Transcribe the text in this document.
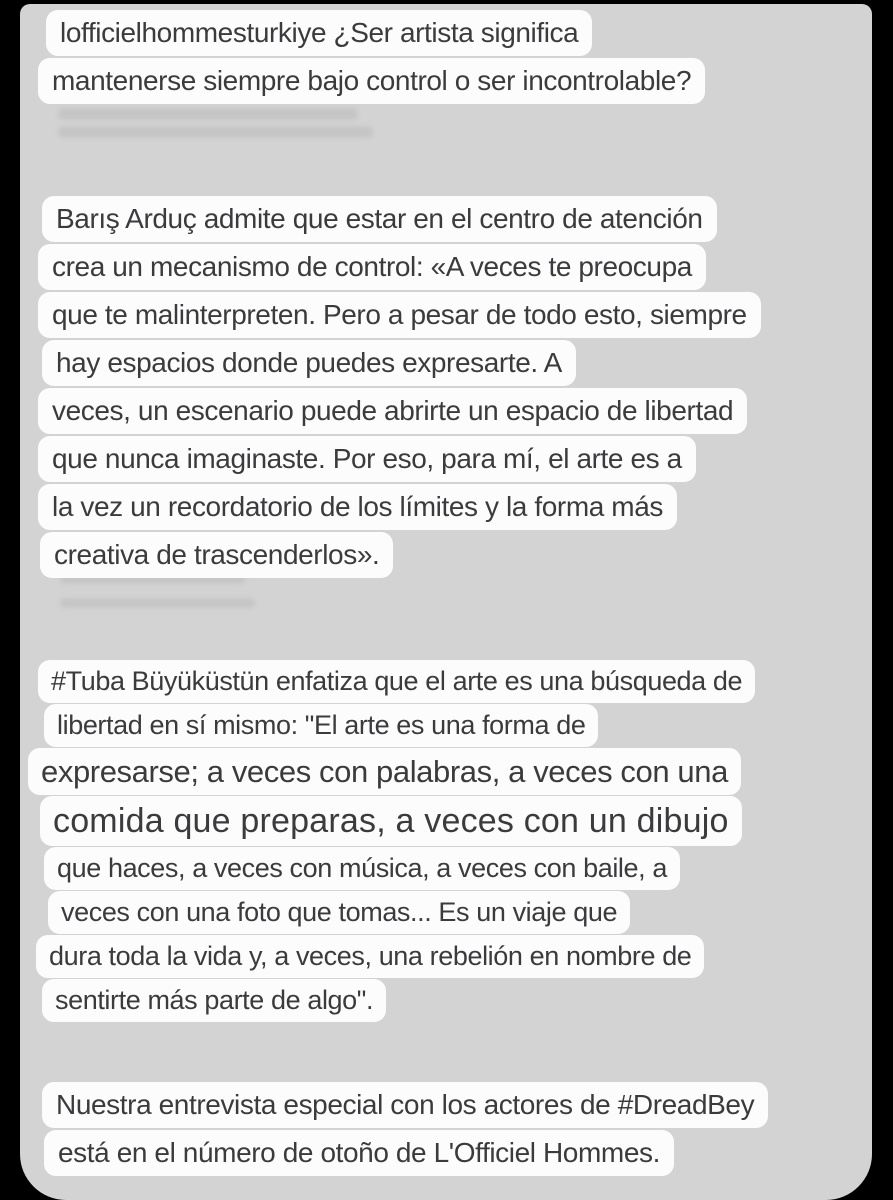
lofficielhommesturkiye ¿Ser artista significa
mantenerse siempre bajo control o ser incontrolable?
Barış Arduç admite que estar en el centro de atención
crea un mecanismo de control: «A veces te preocupa
que te malinterpreten. Pero a pesar de todo esto, siempre
hay espacios donde puedes expresarte. A
veces, un escenario puede abrirte un espacio de libertad
que nunca imaginaste. Por eso, para mí, el arte es a
la vez un recordatorio de los límites y la forma más
creativa de trascenderlos».
#Tuba Büyüküstün enfatiza que el arte es una búsqueda de
libertad en sí mismo: "El arte es una forma de
expresarse; a veces con palabras, a veces con una
comida que preparas, a veces con un dibujo
que haces, a veces con música, a veces con baile, a
veces con una foto que tomas... Es un viaje que
dura toda la vida y, a veces, una rebelión en nombre de
sentirte más parte de algo".
Nuestra entrevista especial con los actores de #DreadBey
está en el número de otoño de L'Officiel Hommes.
